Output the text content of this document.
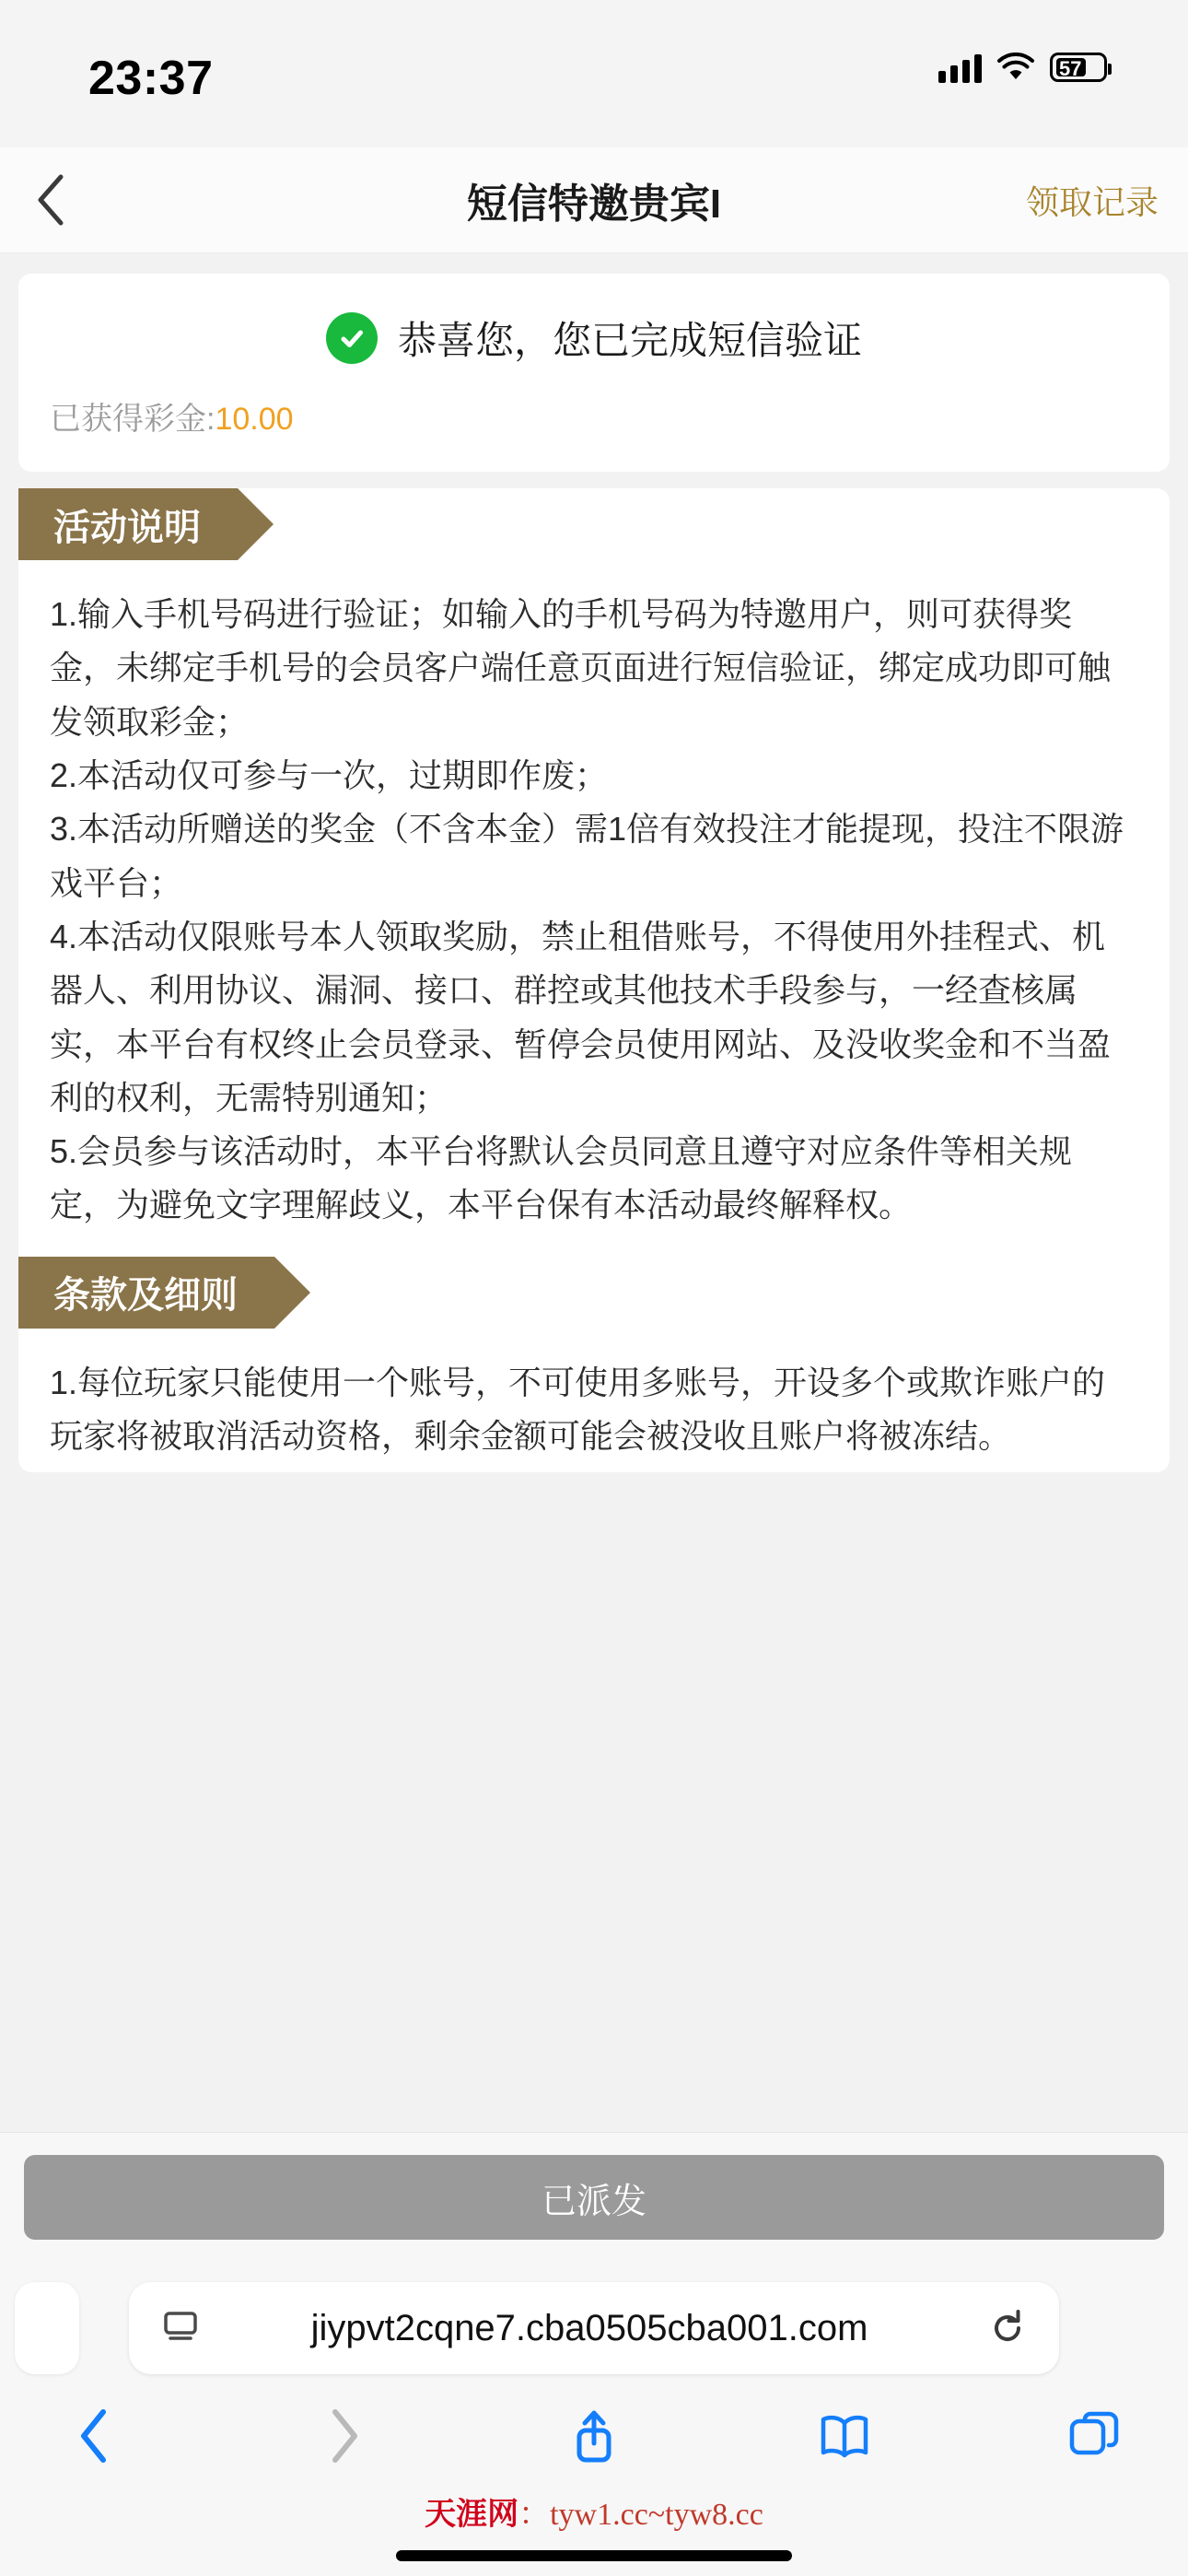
23:37	57
短信特邀贵宾I	领取记录
恭喜您，您已完成短信验证
已获得彩金:10.00
活动说明

1.输入手机号码进行验证；如输入的手机号码为特邀用户，则可获得奖金，未绑定手机号的会员客户端任意页面进行短信验证，绑定成功即可触发领取彩金；

2.本活动仅可参与一次，过期即作废；

3.本活动所赠送的奖金（不含本金）需1倍有效投注才能提现，投注不限游戏平台；

4.本活动仅限账号本人领取奖励，禁止租借账号，不得使用外挂程式、机器人、利用协议、漏洞、接口、群控或其他技术手段参与，一经查核属实，本平台有权终止会员登录、暂停会员使用网站、及没收奖金和不当盈利的权利，无需特别通知；

5.会员参与该活动时，本平台将默认会员同意且遵守对应条件等相关规定，为避免文字理解歧义，本平台保有本活动最终解释权。

条款及细则

1.每位玩家只能使用一个账号，不可使用多账号，开设多个或欺诈账户的玩家将被取消活动资格，剩余金额可能会被没收且账户将被冻结。

已派发
jiypvt2cqne7.cba0505cba001.com
天涯网：tyw1.cc~tyw8.cc
